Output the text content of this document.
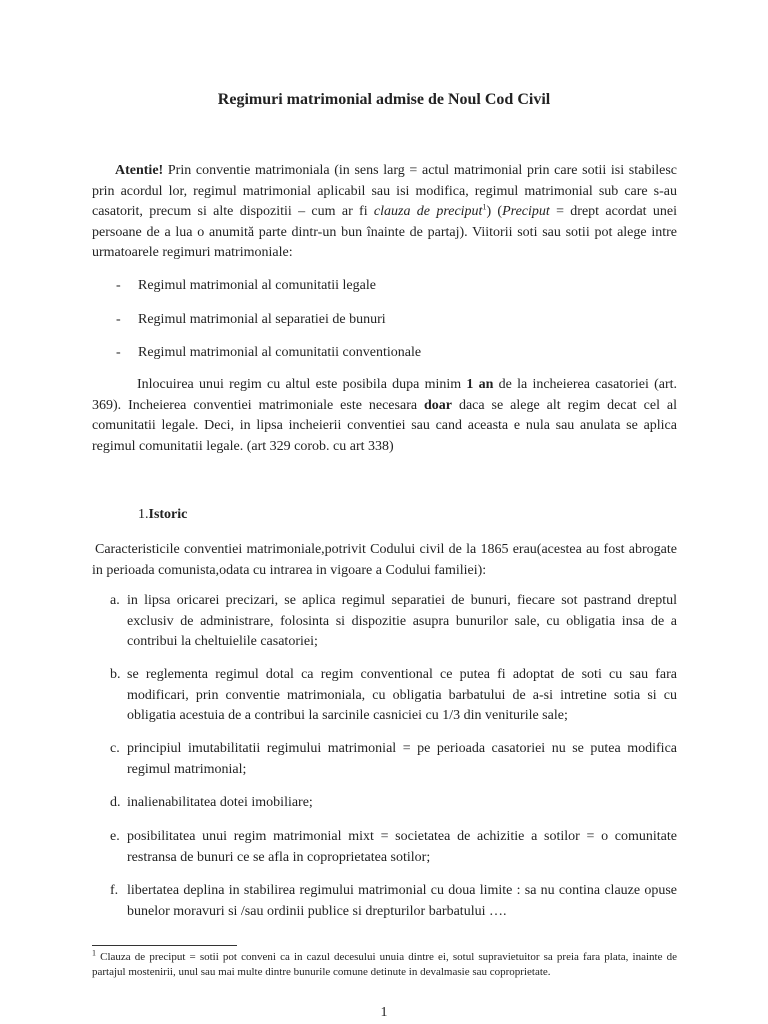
Regimuri matrimonial admise de Noul Cod Civil
Atentie! Prin conventie matrimoniala (in sens larg = actul matrimonial prin care sotii isi stabilesc prin acordul lor, regimul matrimonial aplicabil sau isi modifica, regimul matrimonial sub care s-au casatorit, precum si alte dispozitii – cum ar fi clauza de preciput$^1$) (Preciput = drept acordat unei persoane de a lua o anumită parte dintr-un bun înainte de partaj). Viitorii soti sau sotii pot alege intre urmatoarele regimuri matrimoniale:
- Regimul matrimonial al comunitatii legale
- Regimul matrimonial al separatiei de bunuri
- Regimul matrimonial al comunitatii conventionale
Inlocuirea unui regim cu altul este posibila dupa minim 1 an de la incheierea casatoriei (art. 369). Incheierea conventiei matrimoniale este necesara doar daca se alege alt regim decat cel al comunitatii legale. Deci, in lipsa incheierii conventiei sau cand aceasta e nula sau anulata se aplica regimul comunitatii legale. (art 329 corob. cu art 338)
1.Istoric
Caracteristicile conventiei matrimoniale,potrivit Codului civil de la 1865 erau(acestea au fost abrogate in perioada comunista,odata cu intrarea in vigoare a Codului familiei):
a. in lipsa oricarei precizari, se aplica regimul separatiei de bunuri, fiecare sot pastrand dreptul exclusiv de administrare, folosinta si dispozitie asupra bunurilor sale, cu obligatia insa de a contribui la cheltuielile casatoriei;
b. se reglementa regimul dotal ca regim conventional ce putea fi adoptat de soti cu sau fara modificari, prin conventie matrimoniala, cu obligatia barbatului de a-si intretine sotia si cu obligatia acestuia de a contribui la sarcinile casniciei cu 1/3 din veniturile sale;
c. principiul imutabilitatii regimului matrimonial = pe perioada casatoriei nu se putea modifica regimul matrimonial;
d. inalienabilitatea dotei imobiliare;
e. posibilitatea unui regim matrimonial mixt = societatea de achizitie a sotilor = o comunitate restransa de bunuri ce se afla in coproprietatea sotilor;
f. libertatea deplina in stabilirea regimului matrimonial cu doua limite : sa nu contina clauze opuse bunelor moravuri si /sau ordinii publice si drepturilor barbatului ….
$^1$ Clauza de preciput = sotii pot conveni ca in cazul decesului unuia dintre ei, sotul supravietuitor sa preia fara plata, inainte de partajul mostenirii, unul sau mai multe dintre bunurile comune detinute in devalmasie sau coproprietate.
1
